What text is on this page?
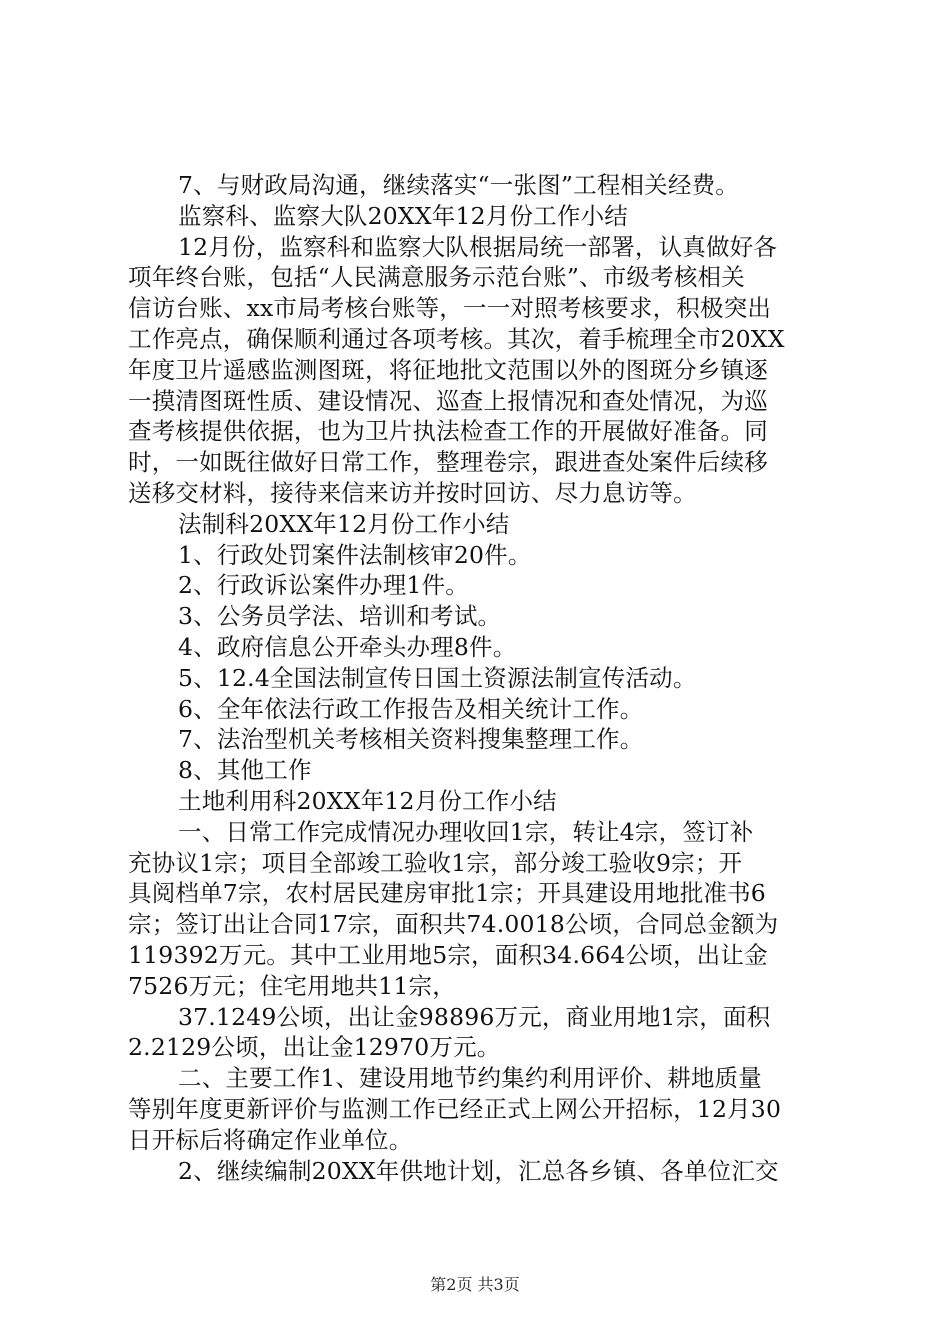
7、与财政局沟通，继续落实“一张图”工程相关经费。
监察科、监察大队20XX年12月份工作小结
12月份，监察科和监察大队根据局统一部署，认真做好各
项年终台账，包括“人民满意服务示范台账”、市级考核相关
信访台账、xx市局考核台账等，一一对照考核要求，积极突出
工作亮点，确保顺利通过各项考核。其次，着手梳理全市20XX
年度卫片遥感监测图斑，将征地批文范围以外的图斑分乡镇逐
一摸清图斑性质、建设情况、巡查上报情况和查处情况，为巡
查考核提供依据，也为卫片执法检查工作的开展做好准备。同
时，一如既往做好日常工作，整理卷宗，跟进查处案件后续移
送移交材料，接待来信来访并按时回访、尽力息访等。
法制科20XX年12月份工作小结
1、行政处罚案件法制核审20件。
2、行政诉讼案件办理1件。
3、公务员学法、培训和考试。
4、政府信息公开牵头办理8件。
5、12.4全国法制宣传日国土资源法制宣传活动。
6、全年依法行政工作报告及相关统计工作。
7、法治型机关考核相关资料搜集整理工作。
8、其他工作
土地利用科20XX年12月份工作小结
一、日常工作完成情况办理收回1宗，转让4宗，签订补
充协议1宗；项目全部竣工验收1宗，部分竣工验收9宗；开
具阅档单7宗，农村居民建房审批1宗；开具建设用地批准书6
宗；签订出让合同17宗，面积共74.0018公顷，合同总金额为
119392万元。其中工业用地5宗，面积34.664公顷，出让金
7526万元；住宅用地共11宗，
37.1249公顷，出让金98896万元，商业用地1宗，面积
2.2129公顷，出让金12970万元。
二、主要工作1、建设用地节约集约利用评价、耕地质量
等别年度更新评价与监测工作已经正式上网公开招标，12月30
日开标后将确定作业单位。
2、继续编制20XX年供地计划，汇总各乡镇、各单位汇交
第2页 共3页
